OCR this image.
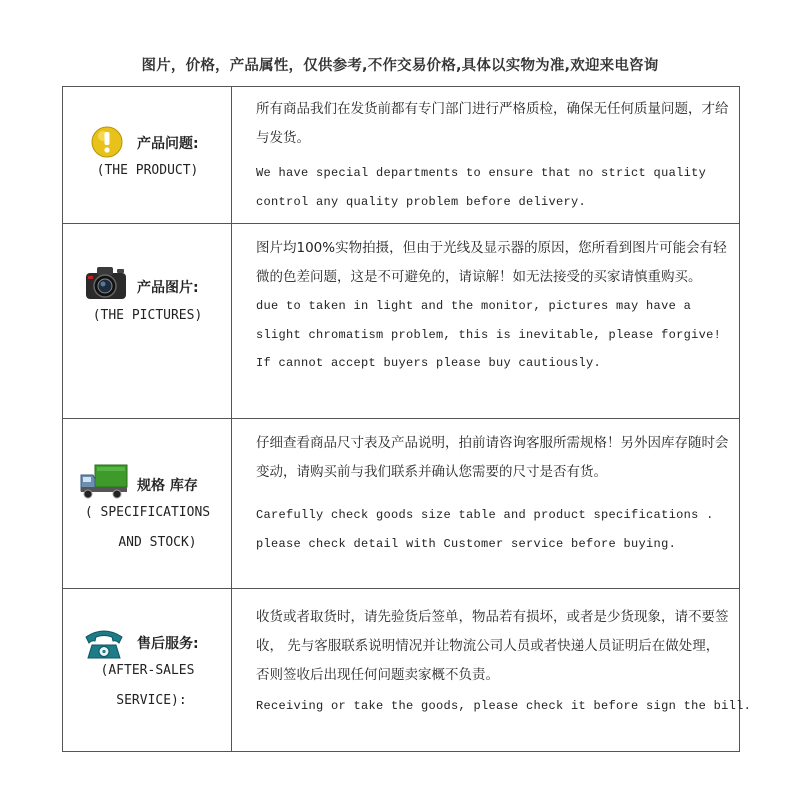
图片，价格，产品属性，仅供参考,不作交易价格,具体以实物为准,欢迎来电咨询
产品问题:
(THE PRODUCT)

所有商品我们在发货前都有专门部门进行严格质检，确保无任何质量问题，才给与发货。

We have special departments to ensure that no strict quality

control any quality problem before delivery.

产品图片:
(THE PICTURES)

图片均100%实物拍摄，但由于光线及显示器的原因，您所看到图片可能会有轻微的色差问题，这是不可避免的，请谅解！如无法接受的买家请慎重购买。

due to taken in light and the monitor, pictures may have a

slight chromatism problem, this is inevitable, please forgive!

If cannot accept buyers please buy cautiously.

规格 库存
( SPECIFICATIONS
AND STOCK)

仔细查看商品尺寸表及产品说明，拍前请咨询客服所需规格！另外因库存随时会变动，请购买前与我们联系并确认您需要的尺寸是否有货。

Carefully check goods size table and product specifications .

please check detail with Customer service before buying.

售后服务:
(AFTER-SALES
SERVICE):

收货或者取货时，请先验货后签单，物品若有损坏，或者是少货现象，请不要签收， 先与客服联系说明情况并让物流公司人员或者快递人员证明后在做处理，否则签收后出现任何问题卖家概不负责。

Receiving or take the goods, please check it before sign the bill.
